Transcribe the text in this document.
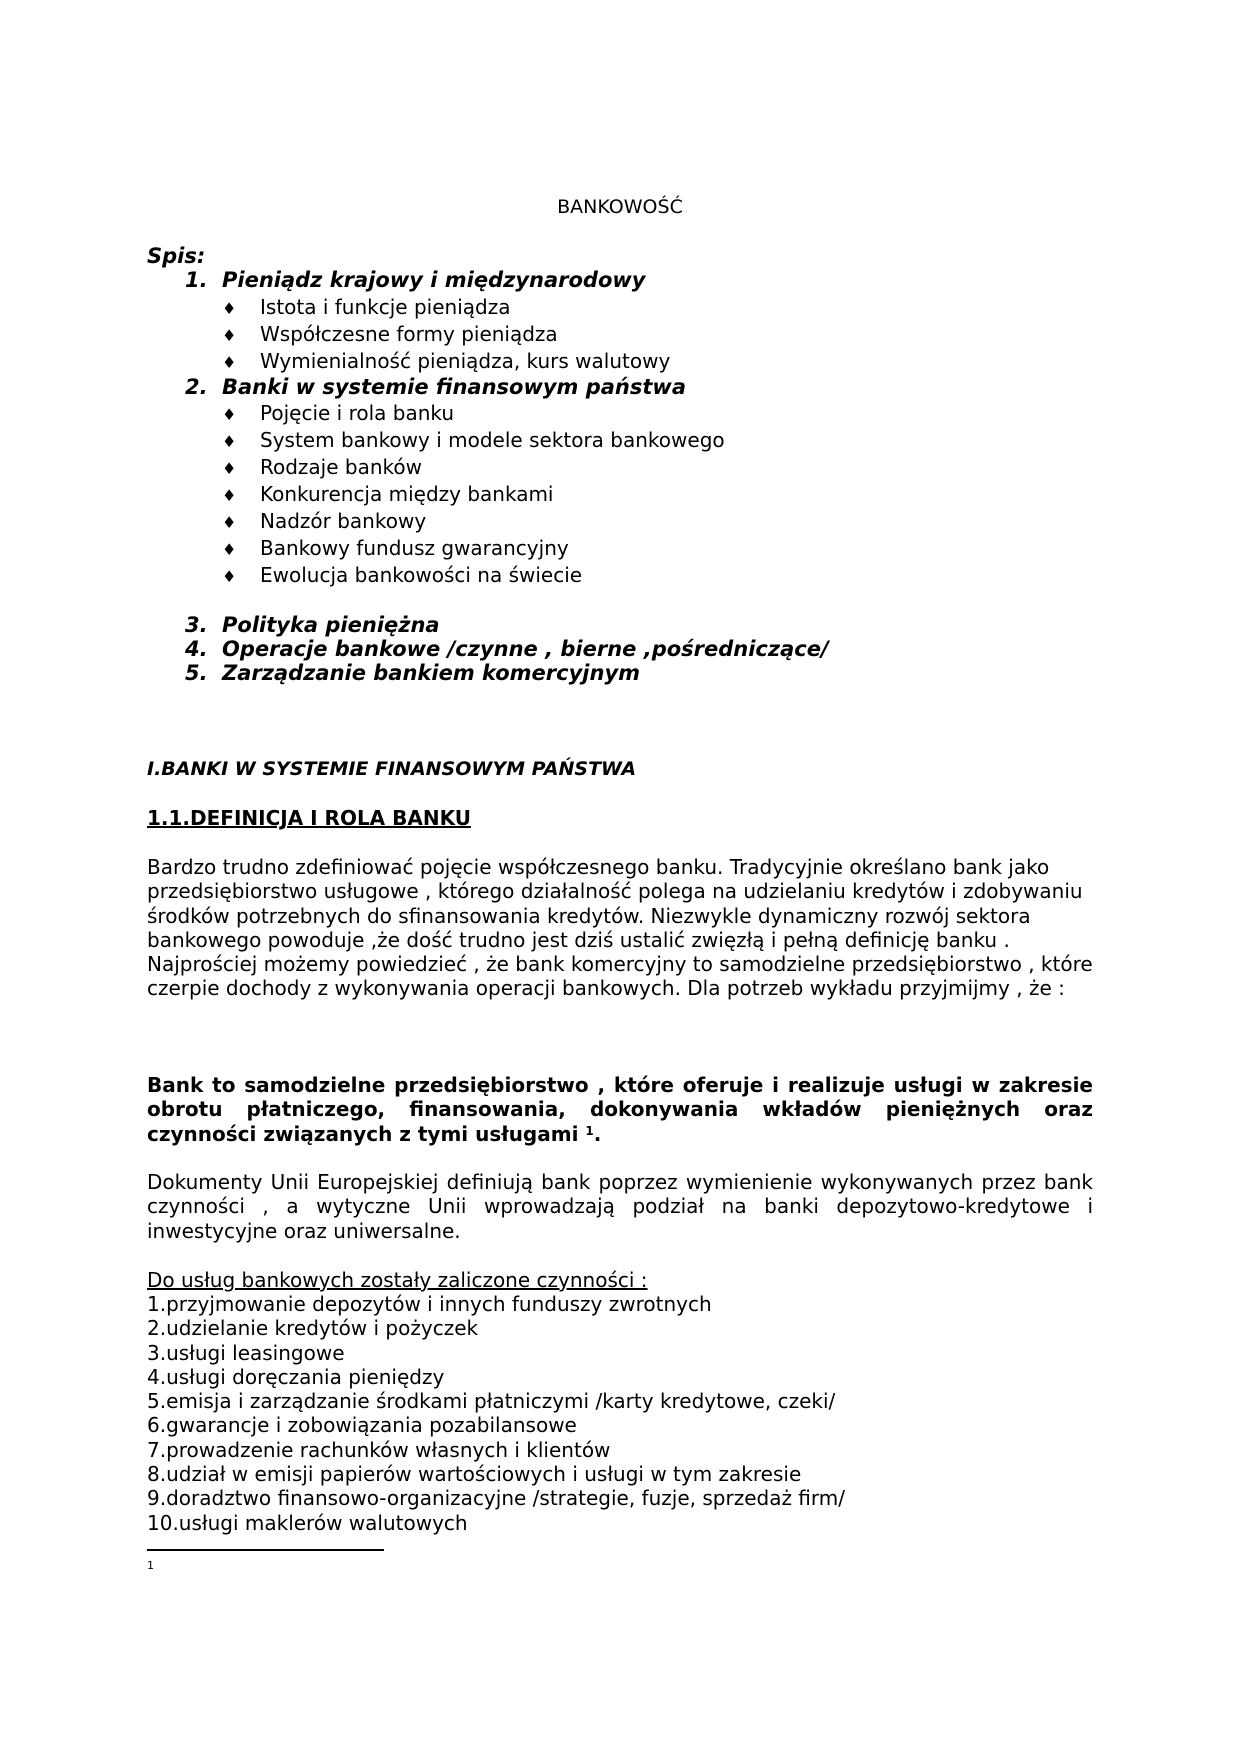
BANKOWOŚĆ
Spis:
1. Pieniądz krajowy i międzynarodowy
♦ Istota i funkcje pieniądza
♦ Współczesne formy pieniądza
♦ Wymienialność pieniądza, kurs walutowy
2. Banki w systemie finansowym państwa
♦ Pojęcie i rola banku
♦ System bankowy i modele sektora bankowego
♦ Rodzaje banków
♦ Konkurencja między bankami
♦ Nadzór bankowy
♦ Bankowy fundusz gwarancyjny
♦ Ewolucja bankowości na świecie
3. Polityka pieniężna
4. Operacje bankowe /czynne , bierne ,pośredniczące/
5. Zarządzanie bankiem komercyjnym
I.BANKI W SYSTEMIE FINANSOWYM PAŃSTWA
1.1.DEFINICJA I ROLA BANKU

Bardzo trudno zdefiniować pojęcie współczesnego banku. Tradycyjnie określano bank jako przedsiębiorstwo usługowe , którego działalność polega na udzielaniu kredytów i zdobywaniu środków potrzebnych do sfinansowania kredytów. Niezwykle dynamiczny rozwój sektora bankowego powoduje ,że dość trudno jest dziś ustalić zwięzłą i pełną definicję banku .

Najprościej możemy powiedzieć , że bank komercyjny to samodzielne przedsiębiorstwo , które czerpie dochody z wykonywania operacji bankowych. Dla potrzeb wykładu przyjmijmy , że :

Bank to samodzielne przedsiębiorstwo , które oferuje i realizuje usługi w zakresie obrotu płatniczego, finansowania, dokonywania wkładów pieniężnych oraz czynności związanych z tymi usługami $^1$.
Dokumenty Unii Europejskiej definiują bank poprzez wymienienie wykonywanych przez bank czynności , a wytyczne Unii wprowadzają podział na banki depozytowo-kredytowe i inwestycyjne oraz uniwersalne.
Do usług bankowych zostały zaliczone czynności :
1.przyjmowanie depozytów i innych funduszy zwrotnych
2.udzielanie kredytów i pożyczek
3.usługi leasingowe
4.usługi doręczania pieniędzy
5.emisja i zarządzanie środkami płatniczymi /karty kredytowe, czeki/
6.gwarancje i zobowiązania pozabilansowe
7.prowadzenie rachunków własnych i klientów
8.udział w emisji papierów wartościowych i usługi w tym zakresie
9.doradztwo finansowo-organizacyjne /strategie, fuzje, sprzedaż firm/
10.usługi maklerów walutowych
1
